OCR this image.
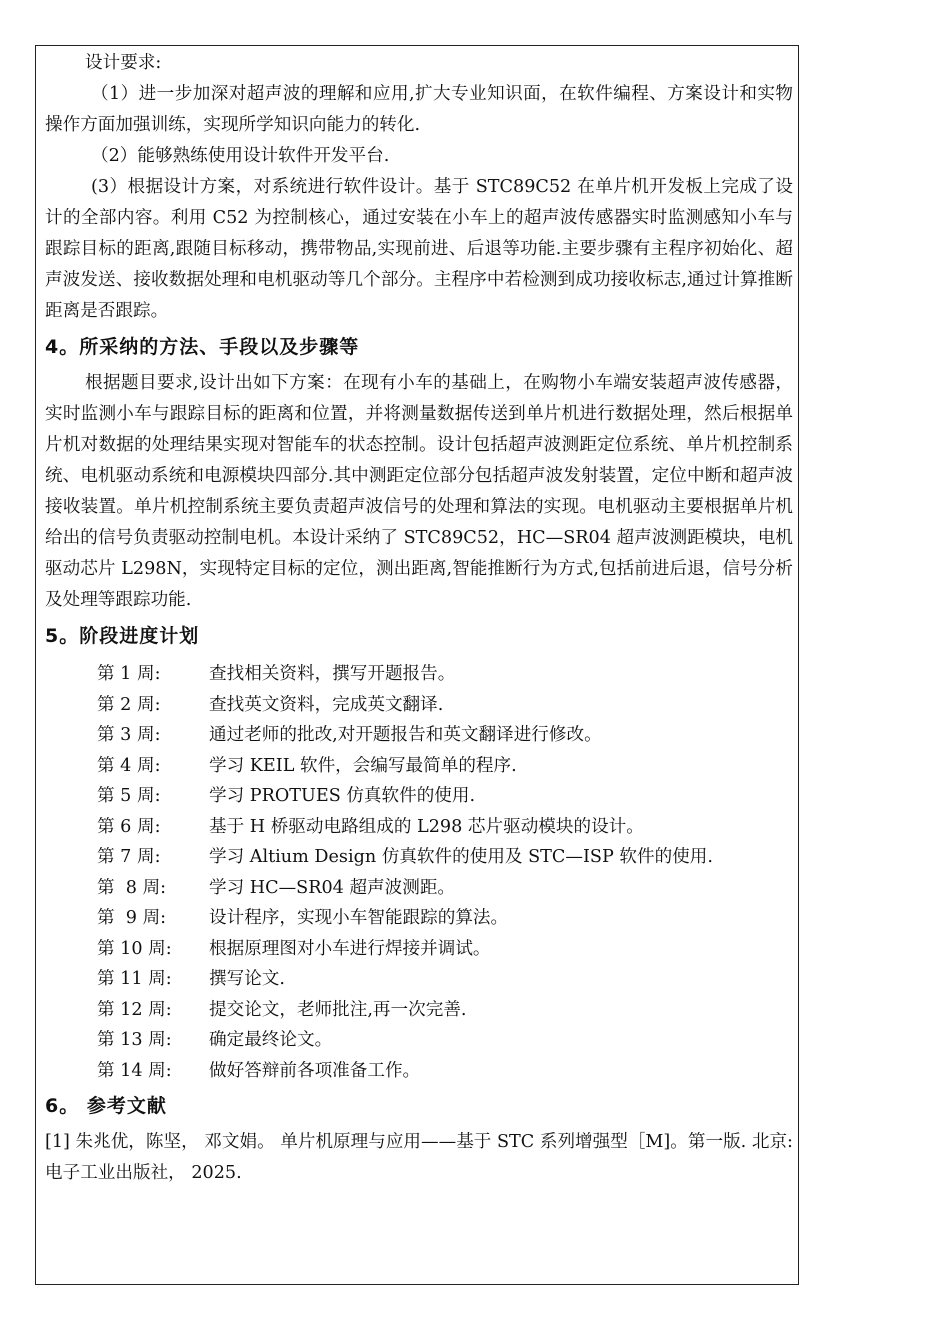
设计要求:

（1）进一步加深对超声波的理解和应用,扩大专业知识面，在软件编程、方案设计和实物操作方面加强训练，实现所学知识向能力的转化.

（2）能够熟练使用设计软件开发平台.

(3）根据设计方案，对系统进行软件设计。基于 STC89C52 在单片机开发板上完成了设计的全部内容。利用 C52 为控制核心，通过安装在小车上的超声波传感器实时监测感知小车与跟踪目标的距离,跟随目标移动，携带物品,实现前进、后退等功能.主要步骤有主程序初始化、超声波发送、接收数据处理和电机驱动等几个部分。主程序中若检测到成功接收标志,通过计算推断距离是否跟踪。

4。所采纳的方法、手段以及步骤等

根据题目要求,设计出如下方案：在现有小车的基础上，在购物小车端安装超声波传感器，实时监测小车与跟踪目标的距离和位置，并将测量数据传送到单片机进行数据处理，然后根据单片机对数据的处理结果实现对智能车的状态控制。设计包括超声波测距定位系统、单片机控制系统、电机驱动系统和电源模块四部分.其中测距定位部分包括超声波发射装置，定位中断和超声波接收装置。单片机控制系统主要负责超声波信号的处理和算法的实现。电机驱动主要根据单片机给出的信号负责驱动控制电机。本设计采纳了 STC89C52，HC—SR04 超声波测距模块，电机驱动芯片 L298N，实现特定目标的定位，测出距离,智能推断行为方式,包括前进后退，信号分析及处理等跟踪功能.

5。阶段进度计划
第 1 周:	查找相关资料，撰写开题报告。
第 2 周:	查找英文资料，完成英文翻译.
第 3 周:	通过老师的批改,对开题报告和英文翻译进行修改。
第 4 周:	学习 KEIL 软件，会编写最简单的程序.
第 5 周:	学习 PROTUES 仿真软件的使用.
第 6 周:	基于 H 桥驱动电路组成的 L298 芯片驱动模块的设计。
第 7 周:	学习 Altium Design 仿真软件的使用及 STC—ISP 软件的使用.
第  8 周:	学习 HC—SR04 超声波测距。
第  9 周:	设计程序，实现小车智能跟踪的算法。
第 10 周:	根据原理图对小车进行焊接并调试。
第 11 周:	撰写论文.
第 12 周:	提交论文，老师批注,再一次完善.
第 13 周:	确定最终论文。
第 14 周:	做好答辩前各项准备工作。
6。 参考文献

[1] 朱兆优，陈坚， 邓文娟。 单片机原理与应用——基于 STC 系列增强型［M]。第一版. 北京:电子工业出版社， 2025.
